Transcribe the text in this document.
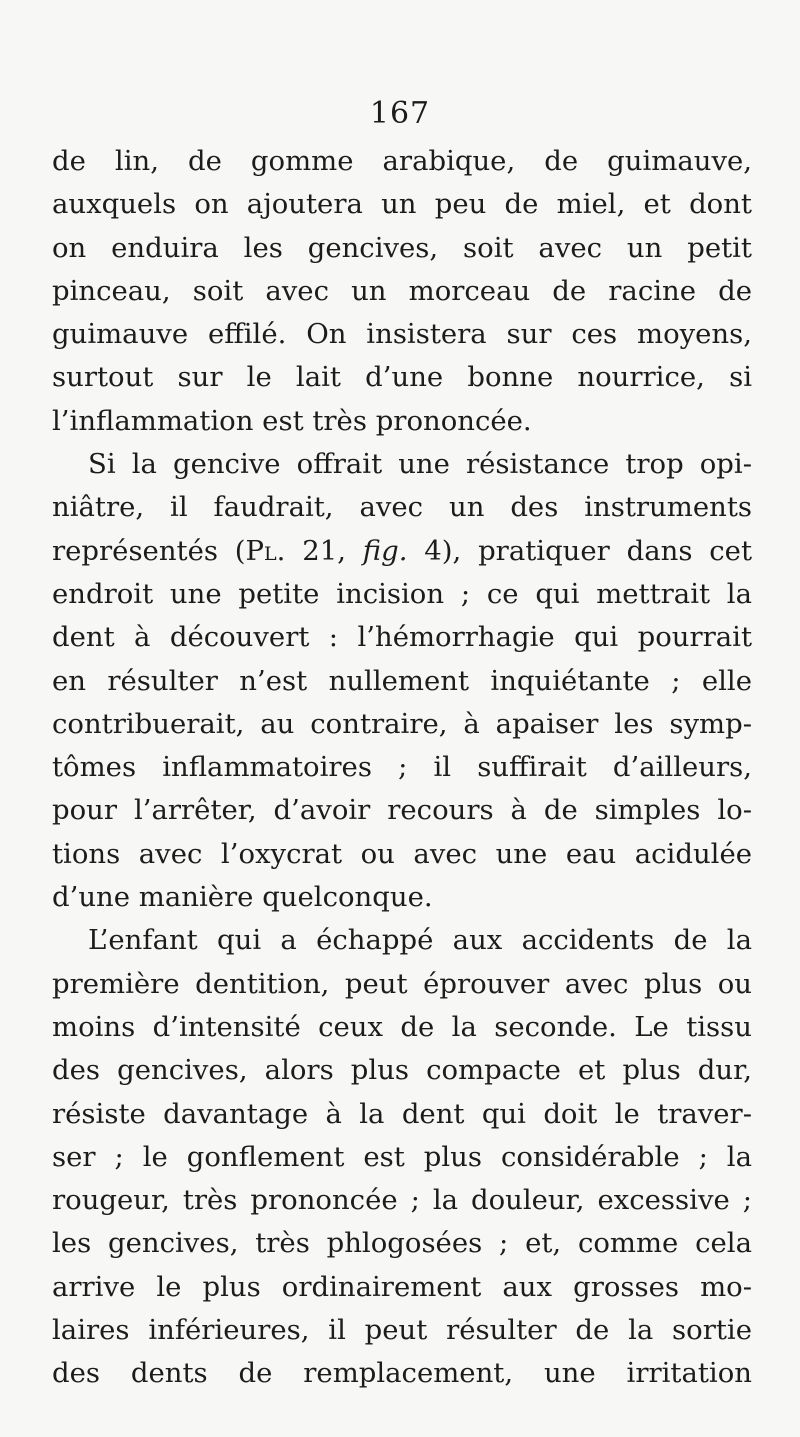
167
de lin, de gomme arabique, de guimauve,
auxquels on ajoutera un peu de miel, et dont
on enduira les gencives, soit avec un petit
pinceau, soit avec un morceau de racine de
guimauve effilé. On insistera sur ces moyens,
surtout sur le lait d’une bonne nourrice, si
l’inflammation est très prononcée.
Si la gencive offrait une résistance trop opi-
niâtre, il faudrait, avec un des instruments
représentés (Pl. 21, fig. 4), pratiquer dans cet
endroit une petite incision ; ce qui mettrait la
dent à découvert : l’hémorrhagie qui pourrait
en résulter n’est nullement inquiétante ; elle
contribuerait, au contraire, à apaiser les symp-
tômes inflammatoires ; il suffirait d’ailleurs,
pour l’arrêter, d’avoir recours à de simples lo-
tions avec l’oxycrat ou avec une eau acidulée
d’une manière quelconque.
L’enfant qui a échappé aux accidents de la
première dentition, peut éprouver avec plus ou
moins d’intensité ceux de la seconde. Le tissu
des gencives, alors plus compacte et plus dur,
résiste davantage à la dent qui doit le traver-
ser ; le gonflement est plus considérable ; la
rougeur, très prononcée ; la douleur, excessive ;
les gencives, très phlogosées ; et, comme cela
arrive le plus ordinairement aux grosses mo-
laires inférieures, il peut résulter de la sortie
des dents de remplacement, une irritation
